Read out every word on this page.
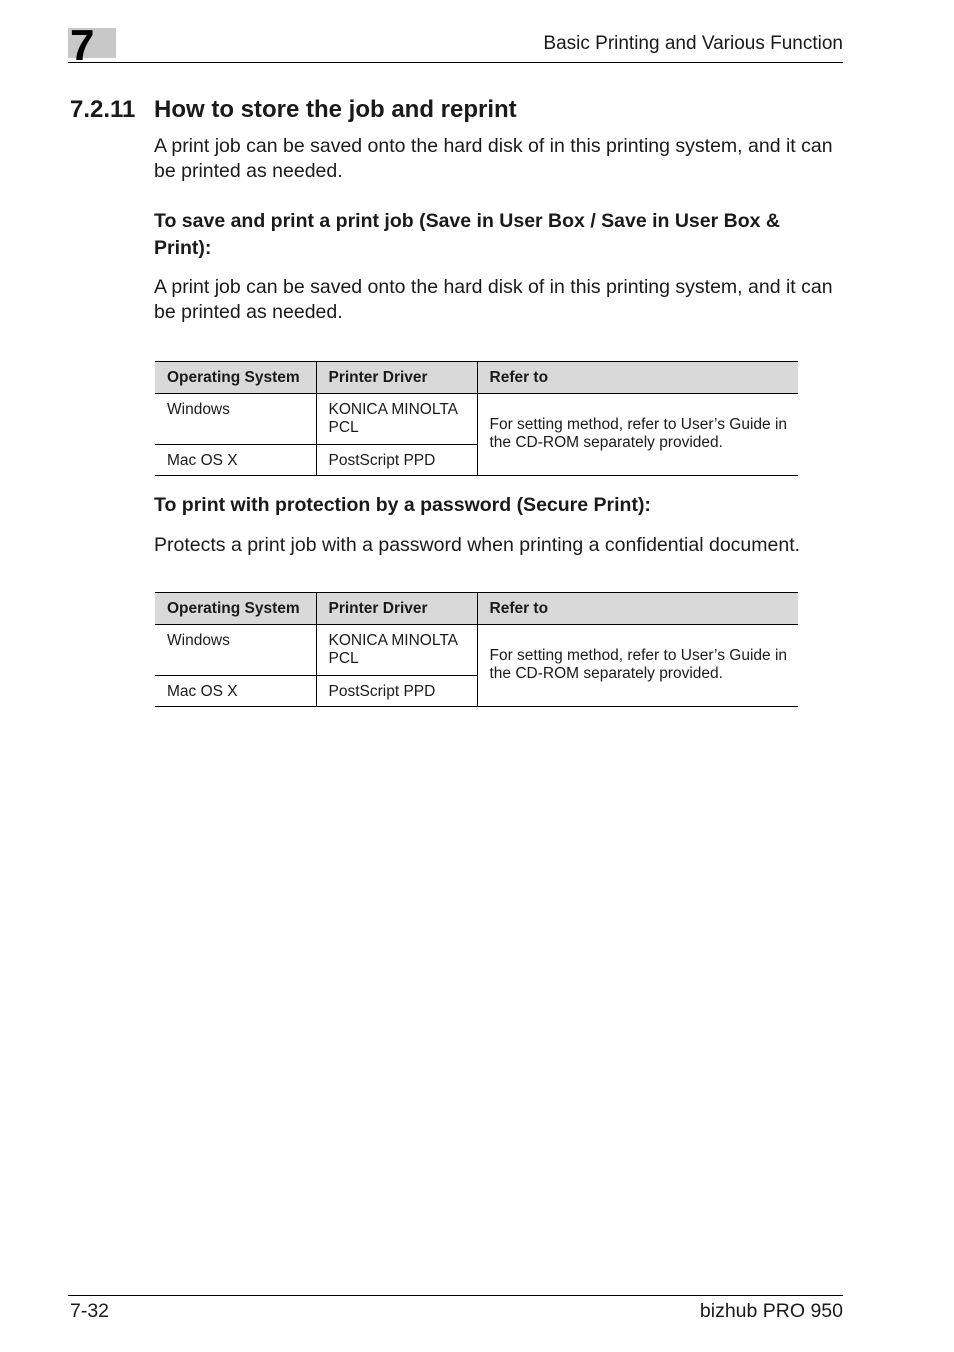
7	Basic Printing and Various Function
7.2.11 How to store the job and reprint

A print job can be saved onto the hard disk of in this printing system, and it can be printed as needed.

To save and print a print job (Save in User Box / Save in User Box & Print):

A print job can be saved onto the hard disk of in this printing system, and it can be printed as needed.

Operating System	Printer Driver	Refer to
Windows	KONICA MINOLTA PCL	For setting method, refer to User’s Guide in the CD-ROM separately provided.
Mac OS X	PostScript PPD	
To print with protection by a password (Secure Print):

Protects a print job with a password when printing a confidential document.

Operating System	Printer Driver	Refer to
Windows	KONICA MINOLTA PCL	For setting method, refer to User’s Guide in the CD-ROM separately provided.
Mac OS X	PostScript PPD	
7-32	bizhub PRO 950
